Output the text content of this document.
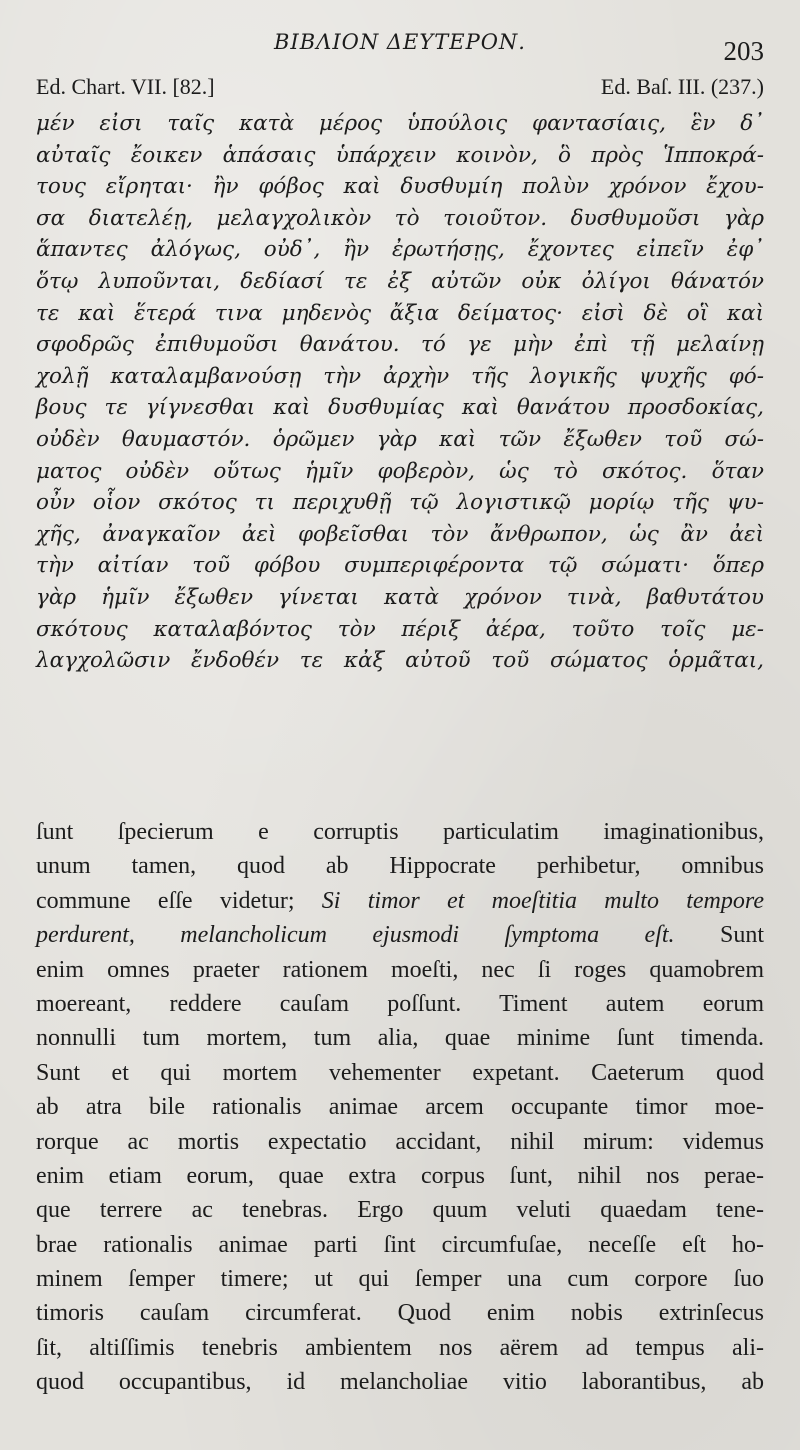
ΒΙΒΛΙΟΝ ΔΕΥΤΕΡΟΝ.	203
Ed. Chart. VII. [82.]	Ed. Baſ. III. (237.)
μέν εἰσι ταῖς κατὰ μέρος ὑπούλοις φαντασίαις, ἓν δ᾽
αὐταῖς ἔοικεν ἁπάσαις ὑπάρχειν κοινὸν, ὃ πρὸς Ἱπποκρά-
τους εἴρηται· ἢν φόβος καὶ δυσθυμίη πολὺν χρόνον ἔχου-
σα διατελέῃ, μελαγχολικὸν τὸ τοιοῦτον. δυσθυμοῦσι γὰρ
ἅπαντες ἀλόγως, οὐδ᾽, ἢν ἐρωτήσῃς, ἔχοντες εἰπεῖν ἐφ᾽
ὅτῳ λυποῦνται, δεδίασί τε ἐξ αὐτῶν οὐκ ὀλίγοι θάνατόν
τε καὶ ἕτερά τινα μηδενὸς ἄξια δείματος· εἰσὶ δὲ οἳ καὶ
σφοδρῶς ἐπιθυμοῦσι θανάτου. τό γε μὴν ἐπὶ τῇ μελαίνῃ
χολῇ καταλαμβανούσῃ τὴν ἀρχὴν τῆς λογικῆς ψυχῆς φό-
βους τε γίγνεσθαι καὶ δυσθυμίας καὶ θανάτου προσδοκίας,
οὐδὲν θαυμαστόν. ὁρῶμεν γὰρ καὶ τῶν ἔξωθεν τοῦ σώ-
ματος οὐδὲν οὕτως ἡμῖν φοβερὸν, ὡς τὸ σκότος. ὅταν
οὖν οἷον σκότος τι περιχυθῇ τῷ λογιστικῷ μορίῳ τῆς ψυ-
χῆς, ἀναγκαῖον ἀεὶ φοβεῖσθαι τὸν ἄνθρωπον, ὡς ἂν ἀεὶ
τὴν αἰτίαν τοῦ φόβου συμπεριφέροντα τῷ σώματι· ὅπερ
γὰρ ἡμῖν ἔξωθεν γίνεται κατὰ χρόνον τινὰ, βαθυτάτου
σκότους καταλαβόντος τὸν πέριξ ἀέρα, τοῦτο τοῖς με-
λαγχολῶσιν ἔνδοθέν τε κἀξ αὐτοῦ τοῦ σώματος ὁρμᾶται,
ſunt ſpecierum e corruptis particulatim imaginationibus,
unum tamen, quod ab Hippocrate perhibetur, omnibus
commune eſſe videtur; Si timor et moeſtitia multo tempore
perdurent, melancholicum ejusmodi ſymptoma eſt. Sunt
enim omnes praeter rationem moeſti, nec ſi roges quamobrem
moereant, reddere cauſam poſſunt. Timent autem eorum
nonnulli tum mortem, tum alia, quae minime ſunt timenda.
Sunt et qui mortem vehementer expetant. Caeterum quod
ab atra bile rationalis animae arcem occupante timor moe-
rorque ac mortis expectatio accidant, nihil mirum: videmus
enim etiam eorum, quae extra corpus ſunt, nihil nos perae-
que terrere ac tenebras. Ergo quum veluti quaedam tene-
brae rationalis animae parti ſint circumfuſae, neceſſe eſt ho-
minem ſemper timere; ut qui ſemper una cum corpore ſuo
timoris cauſam circumferat. Quod enim nobis extrinſecus
ſit, altiſſimis tenebris ambientem nos aërem ad tempus ali-
quod occupantibus, id melancholiae vitio laborantibus, ab
